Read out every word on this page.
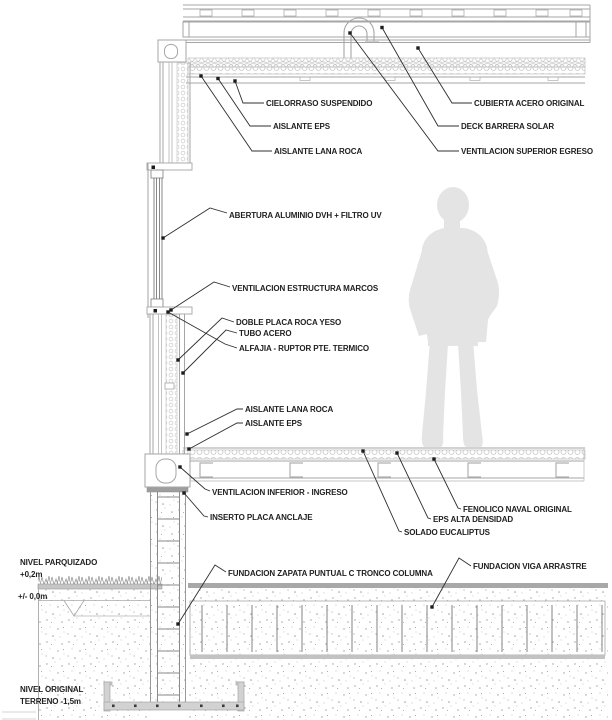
CIELORRASO SUSPENDIDO
AISLANTE EPS
AISLANTE LANA ROCA
CUBIERTA ACERO ORIGINAL
DECK BARRERA SOLAR
VENTILACION SUPERIOR EGRESO
ABERTURA ALUMINIO DVH + FILTRO UV
VENTILACION ESTRUCTURA MARCOS
DOBLE PLACA ROCA YESO
TUBO ACERO
ALFAJIA - RUPTOR PTE. TERMICO
AISLANTE LANA ROCA
AISLANTE EPS
VENTILACION INFERIOR - INGRESO
INSERTO PLACA ANCLAJE
FENOLICO NAVAL ORIGINAL
EPS ALTA DENSIDAD
SOLADO EUCALIPTUS
FUNDACION VIGA ARRASTRE
FUNDACION ZAPATA PUNTUAL C TRONCO COLUMNA
NIVEL PARQUIZADO
+0,2m
+/- 0,0m
NIVEL ORIGINAL
TERRENO -1,5m
